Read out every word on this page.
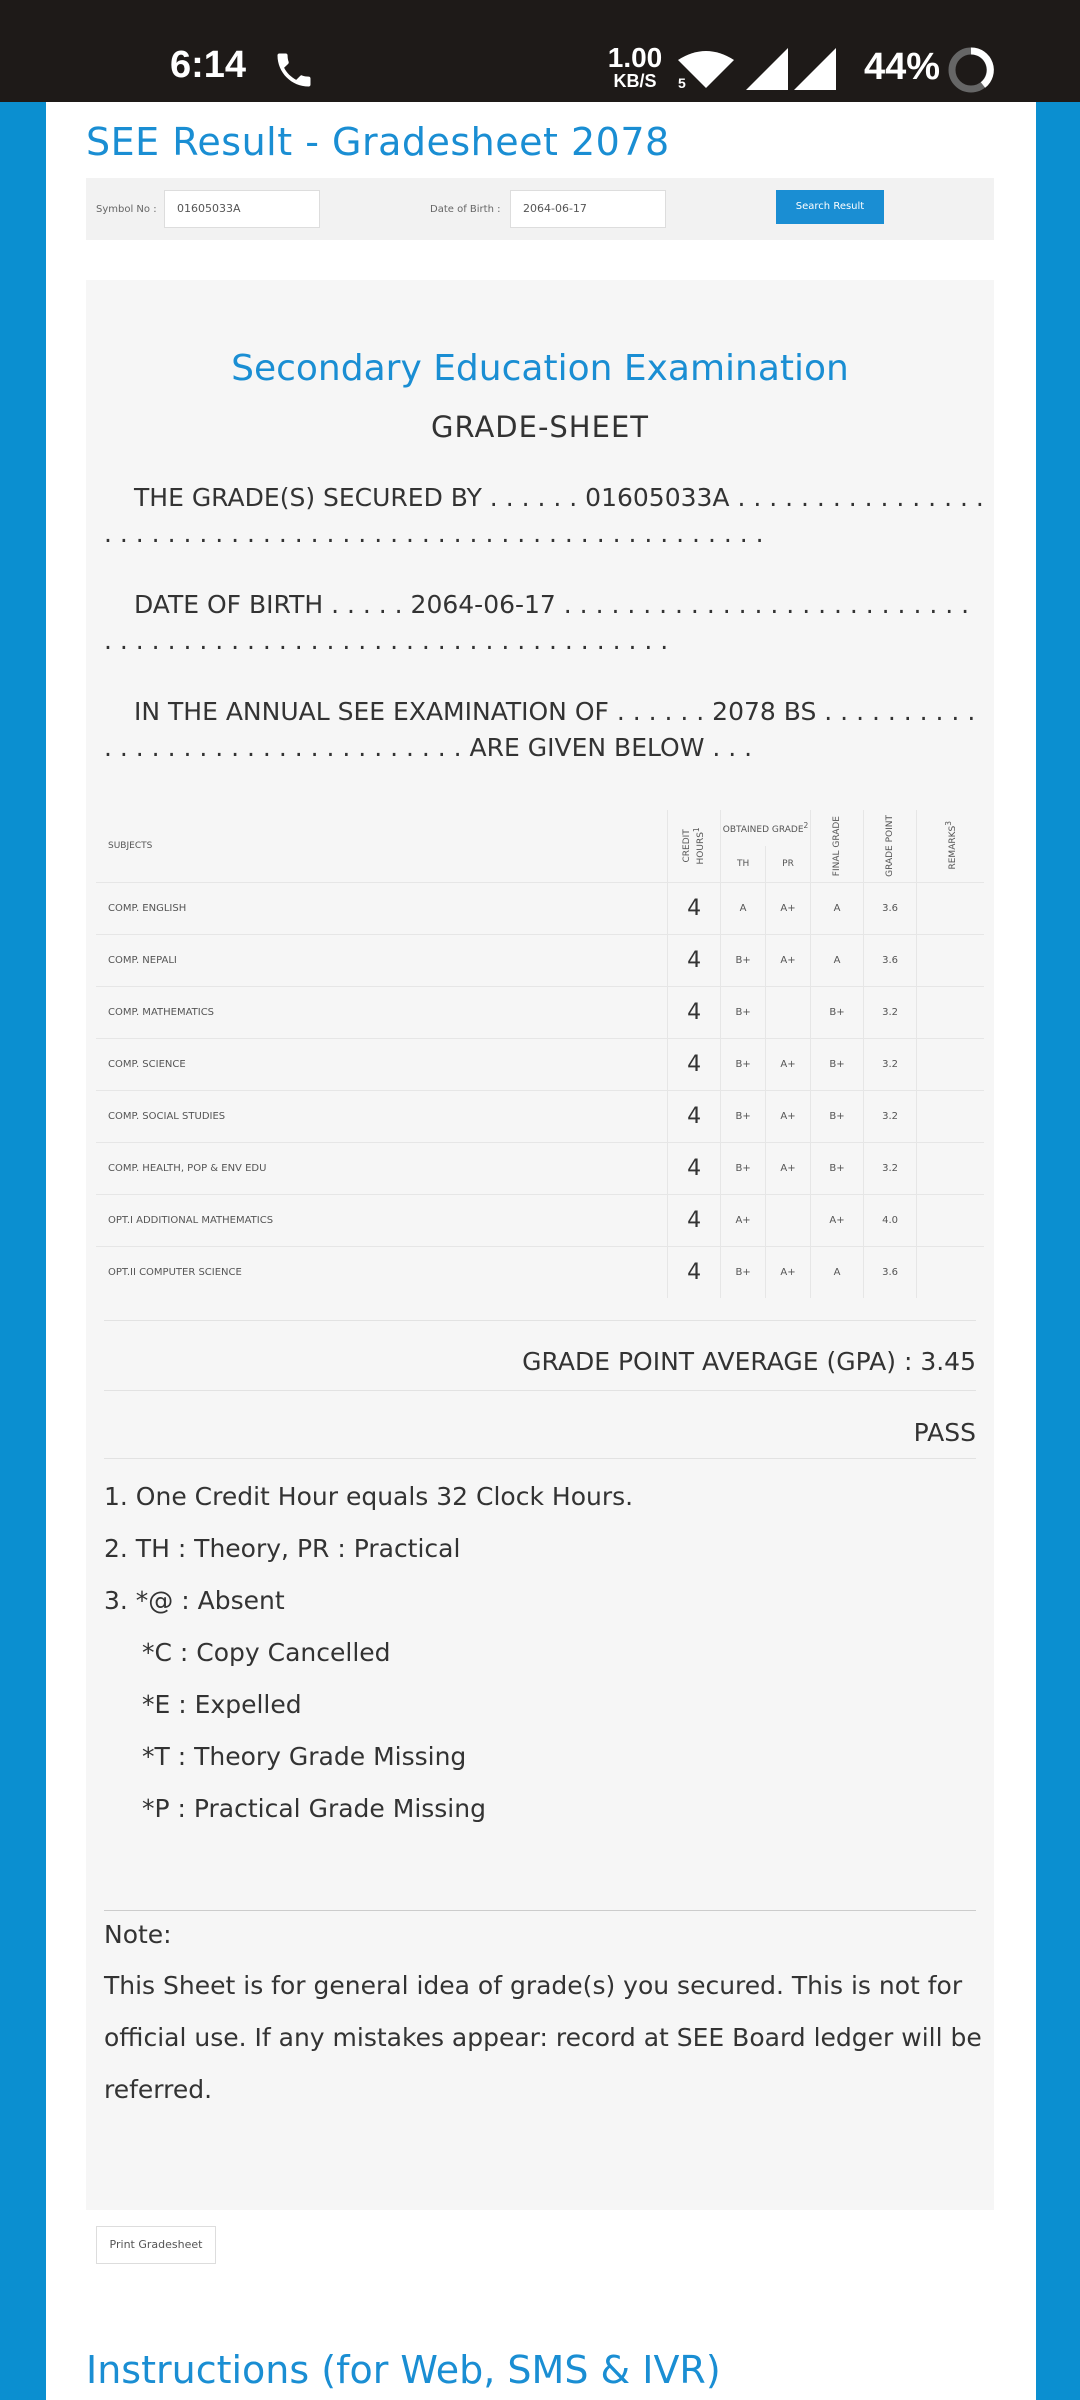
6:14	1.00
KB/S	5	44%
SEE Result - Gradesheet 2078
Symbol No :	01605033A	Date of Birth :	2064-06-17	Search Result
Secondary Education Examination
GRADE-SHEET
THE GRADE(S) SECURED BY . . . . . . 01605033A . . . . . . . . . . . . . . . . . . . . . . . . . . . . . . . . . . . . . . . . . . . . . . . . . . . . . . . . . .
DATE OF BIRTH . . . . . 2064-06-17 . . . . . . . . . . . . . . . . . . . . . . . . . . . . . . . . . . . . . . . . . . . . . . . . . . . . . . . . . . . . . .
IN THE ANNUAL SEE EXAMINATION OF . . . . . . 2078 BS . . . . . . . . . . . . . . . . . . . . . . . . . . . . . . . . . ARE GIVEN BELOW . . .
SUBJECTS	CREDIT HOURS$^1$	OBTAINED GRADE$^2$		FINAL GRADE	GRADE POINT	REMARKS$^3$

		TH	PR			
COMP. ENGLISH	4	A	A+	A	3.6	
COMP. NEPALI	4	B+	A+	A	3.6	
COMP. MATHEMATICS	4	B+		B+	3.2	
COMP. SCIENCE	4	B+	A+	B+	3.2	
COMP. SOCIAL STUDIES	4	B+	A+	B+	3.2	
COMP. HEALTH, POP & ENV EDU	4	B+	A+	B+	3.2	
OPT.I ADDITIONAL MATHEMATICS	4	A+		A+	4.0	
OPT.II COMPUTER SCIENCE	4	B+	A+	A	3.6	
GRADE POINT AVERAGE (GPA) : 3.45
PASS
1. One Credit Hour equals 32 Clock Hours.
2. TH : Theory, PR : Practical
3. *@ : Absent
*C : Copy Cancelled
*E : Expelled
*T : Theory Grade Missing
*P : Practical Grade Missing
Note:
This Sheet is for general idea of grade(s) you secured. This is not for official use. If any mistakes appear: record at SEE Board ledger will be referred.
Print Gradesheet
Instructions (for Web, SMS & IVR)
